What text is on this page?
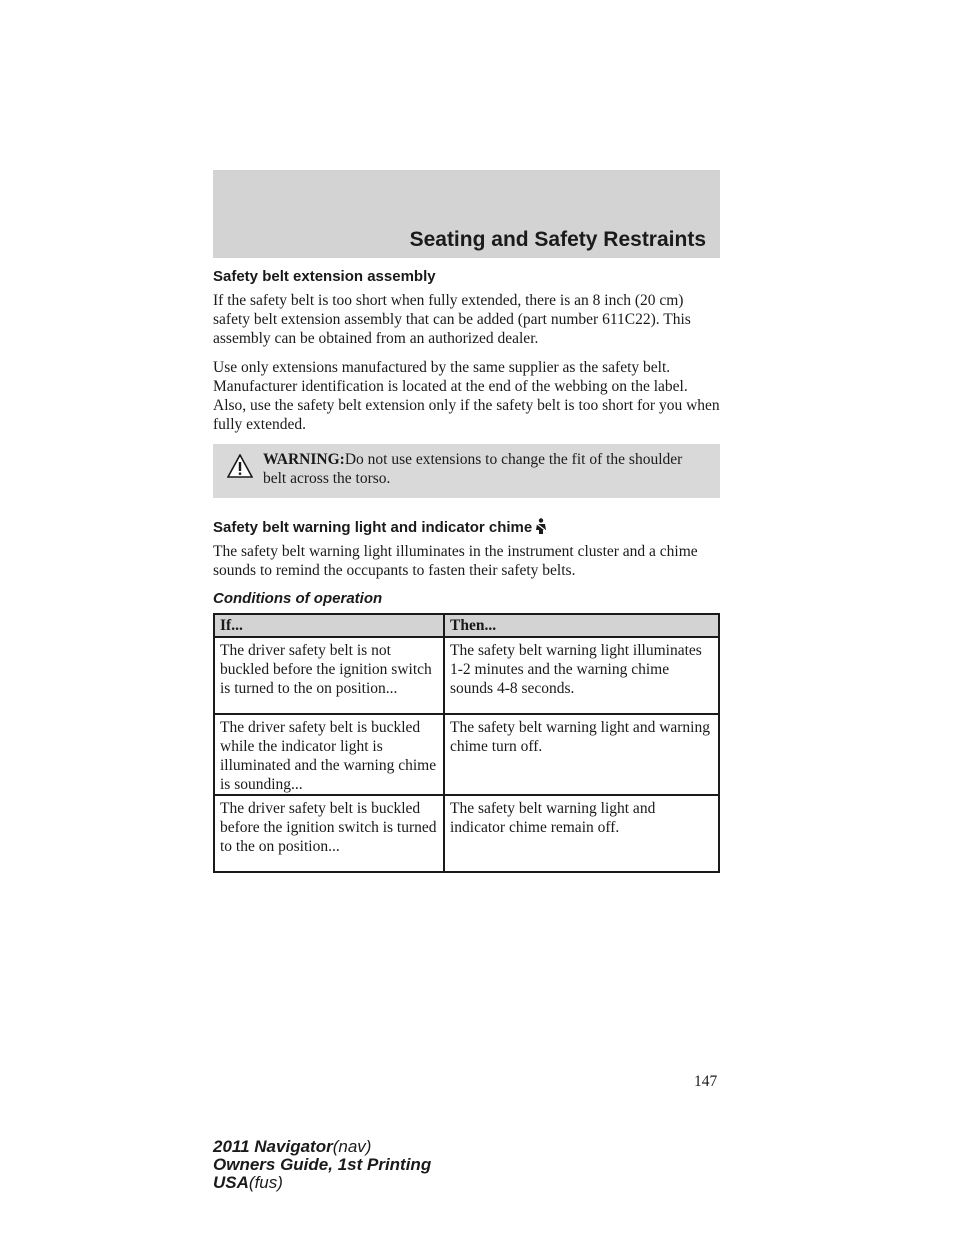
Seating and Safety Restraints
Safety belt extension assembly

If the safety belt is too short when fully extended, there is an 8 inch (20 cm) safety belt extension assembly that can be added (part number 611C22). This assembly can be obtained from an authorized dealer.

Use only extensions manufactured by the same supplier as the safety belt. Manufacturer identification is located at the end of the webbing on the label. Also, use the safety belt extension only if the safety belt is too short for you when fully extended.

WARNING:Do not use extensions to change the fit of the shoulder belt across the torso.
Safety belt warning light and indicator chime

The safety belt warning light illuminates in the instrument cluster and a chime sounds to remind the occupants to fasten their safety belts.

Conditions of operation
If...	Then...
The driver safety belt is not buckled before the ignition switch is turned to the on position...	The safety belt warning light illuminates 1-2 minutes and the warning chime sounds 4-8 seconds.
The driver safety belt is buckled while the indicator light is illuminated and the warning chime is sounding...	The safety belt warning light and warning chime turn off.
The driver safety belt is buckled before the ignition switch is turned to the on position...	The safety belt warning light and indicator chime remain off.
147
2011 Navigator(nav)
Owners Guide, 1st Printing
USA(fus)
